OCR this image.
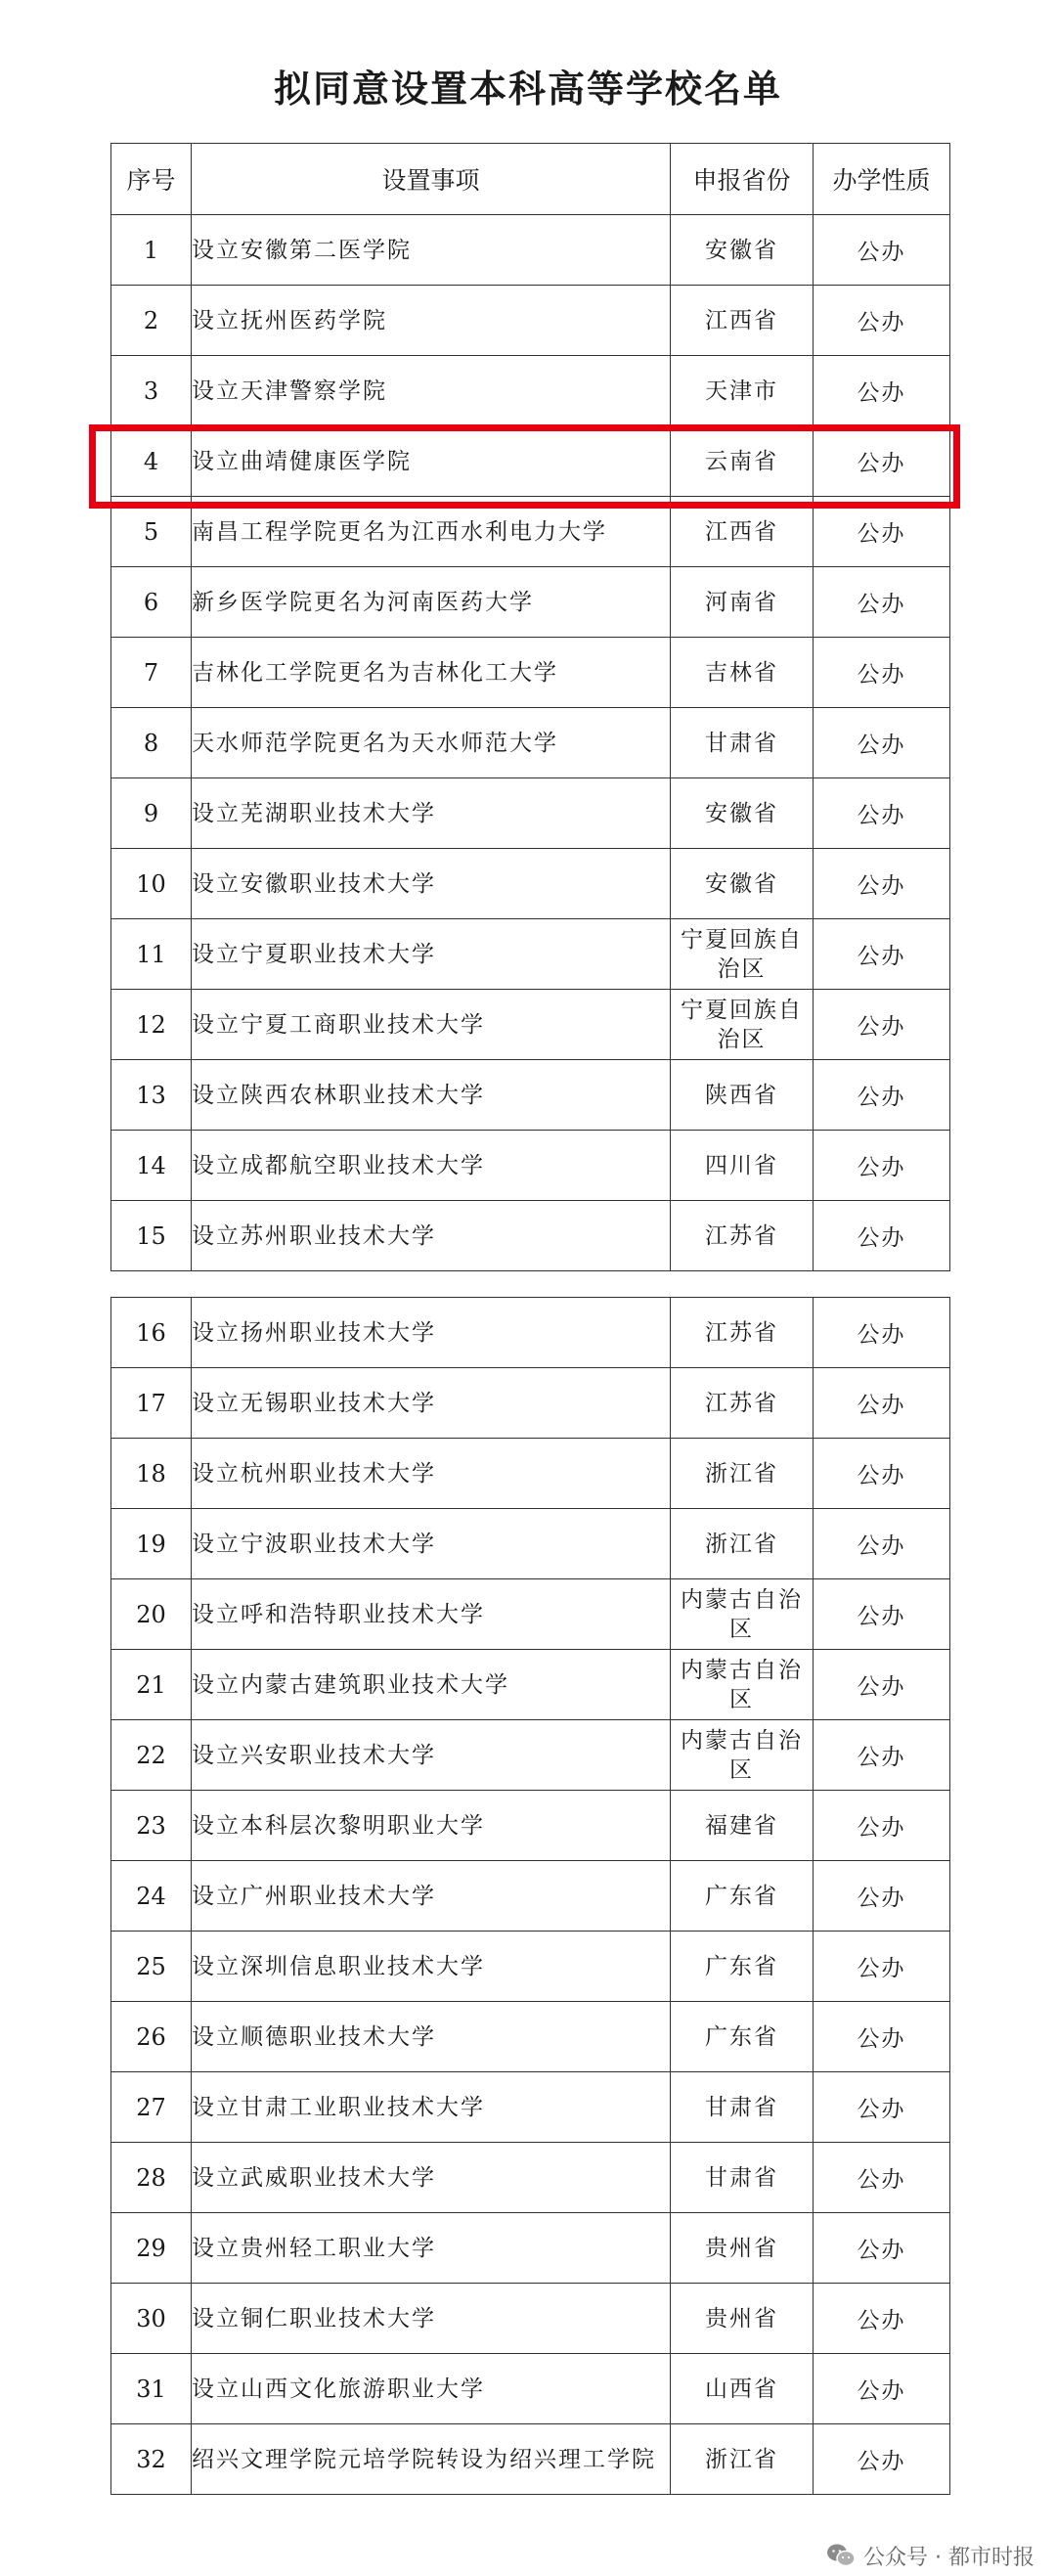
拟同意设置本科高等学校名单
序号	设置事项	申报省份	办学性质
1	设立安徽第二医学院	安徽省	公办
2	设立抚州医药学院	江西省	公办
3	设立天津警察学院	天津市	公办
4	设立曲靖健康医学院	云南省	公办
5	南昌工程学院更名为江西水利电力大学	江西省	公办
6	新乡医学院更名为河南医药大学	河南省	公办
7	吉林化工学院更名为吉林化工大学	吉林省	公办
8	天水师范学院更名为天水师范大学	甘肃省	公办
9	设立芜湖职业技术大学	安徽省	公办
10	设立安徽职业技术大学	安徽省	公办
11	设立宁夏职业技术大学	宁夏回族自治区	公办
12	设立宁夏工商职业技术大学	宁夏回族自治区	公办
13	设立陕西农林职业技术大学	陕西省	公办
14	设立成都航空职业技术大学	四川省	公办
15	设立苏州职业技术大学	江苏省	公办
16	设立扬州职业技术大学	江苏省	公办
17	设立无锡职业技术大学	江苏省	公办
18	设立杭州职业技术大学	浙江省	公办
19	设立宁波职业技术大学	浙江省	公办
20	设立呼和浩特职业技术大学	内蒙古自治区	公办
21	设立内蒙古建筑职业技术大学	内蒙古自治区	公办
22	设立兴安职业技术大学	内蒙古自治区	公办
23	设立本科层次黎明职业大学	福建省	公办
24	设立广州职业技术大学	广东省	公办
25	设立深圳信息职业技术大学	广东省	公办
26	设立顺德职业技术大学	广东省	公办
27	设立甘肃工业职业技术大学	甘肃省	公办
28	设立武威职业技术大学	甘肃省	公办
29	设立贵州轻工职业大学	贵州省	公办
30	设立铜仁职业技术大学	贵州省	公办
31	设立山西文化旅游职业大学	山西省	公办
32	绍兴文理学院元培学院转设为绍兴理工学院	浙江省	公办
公众号 · 都市时报
